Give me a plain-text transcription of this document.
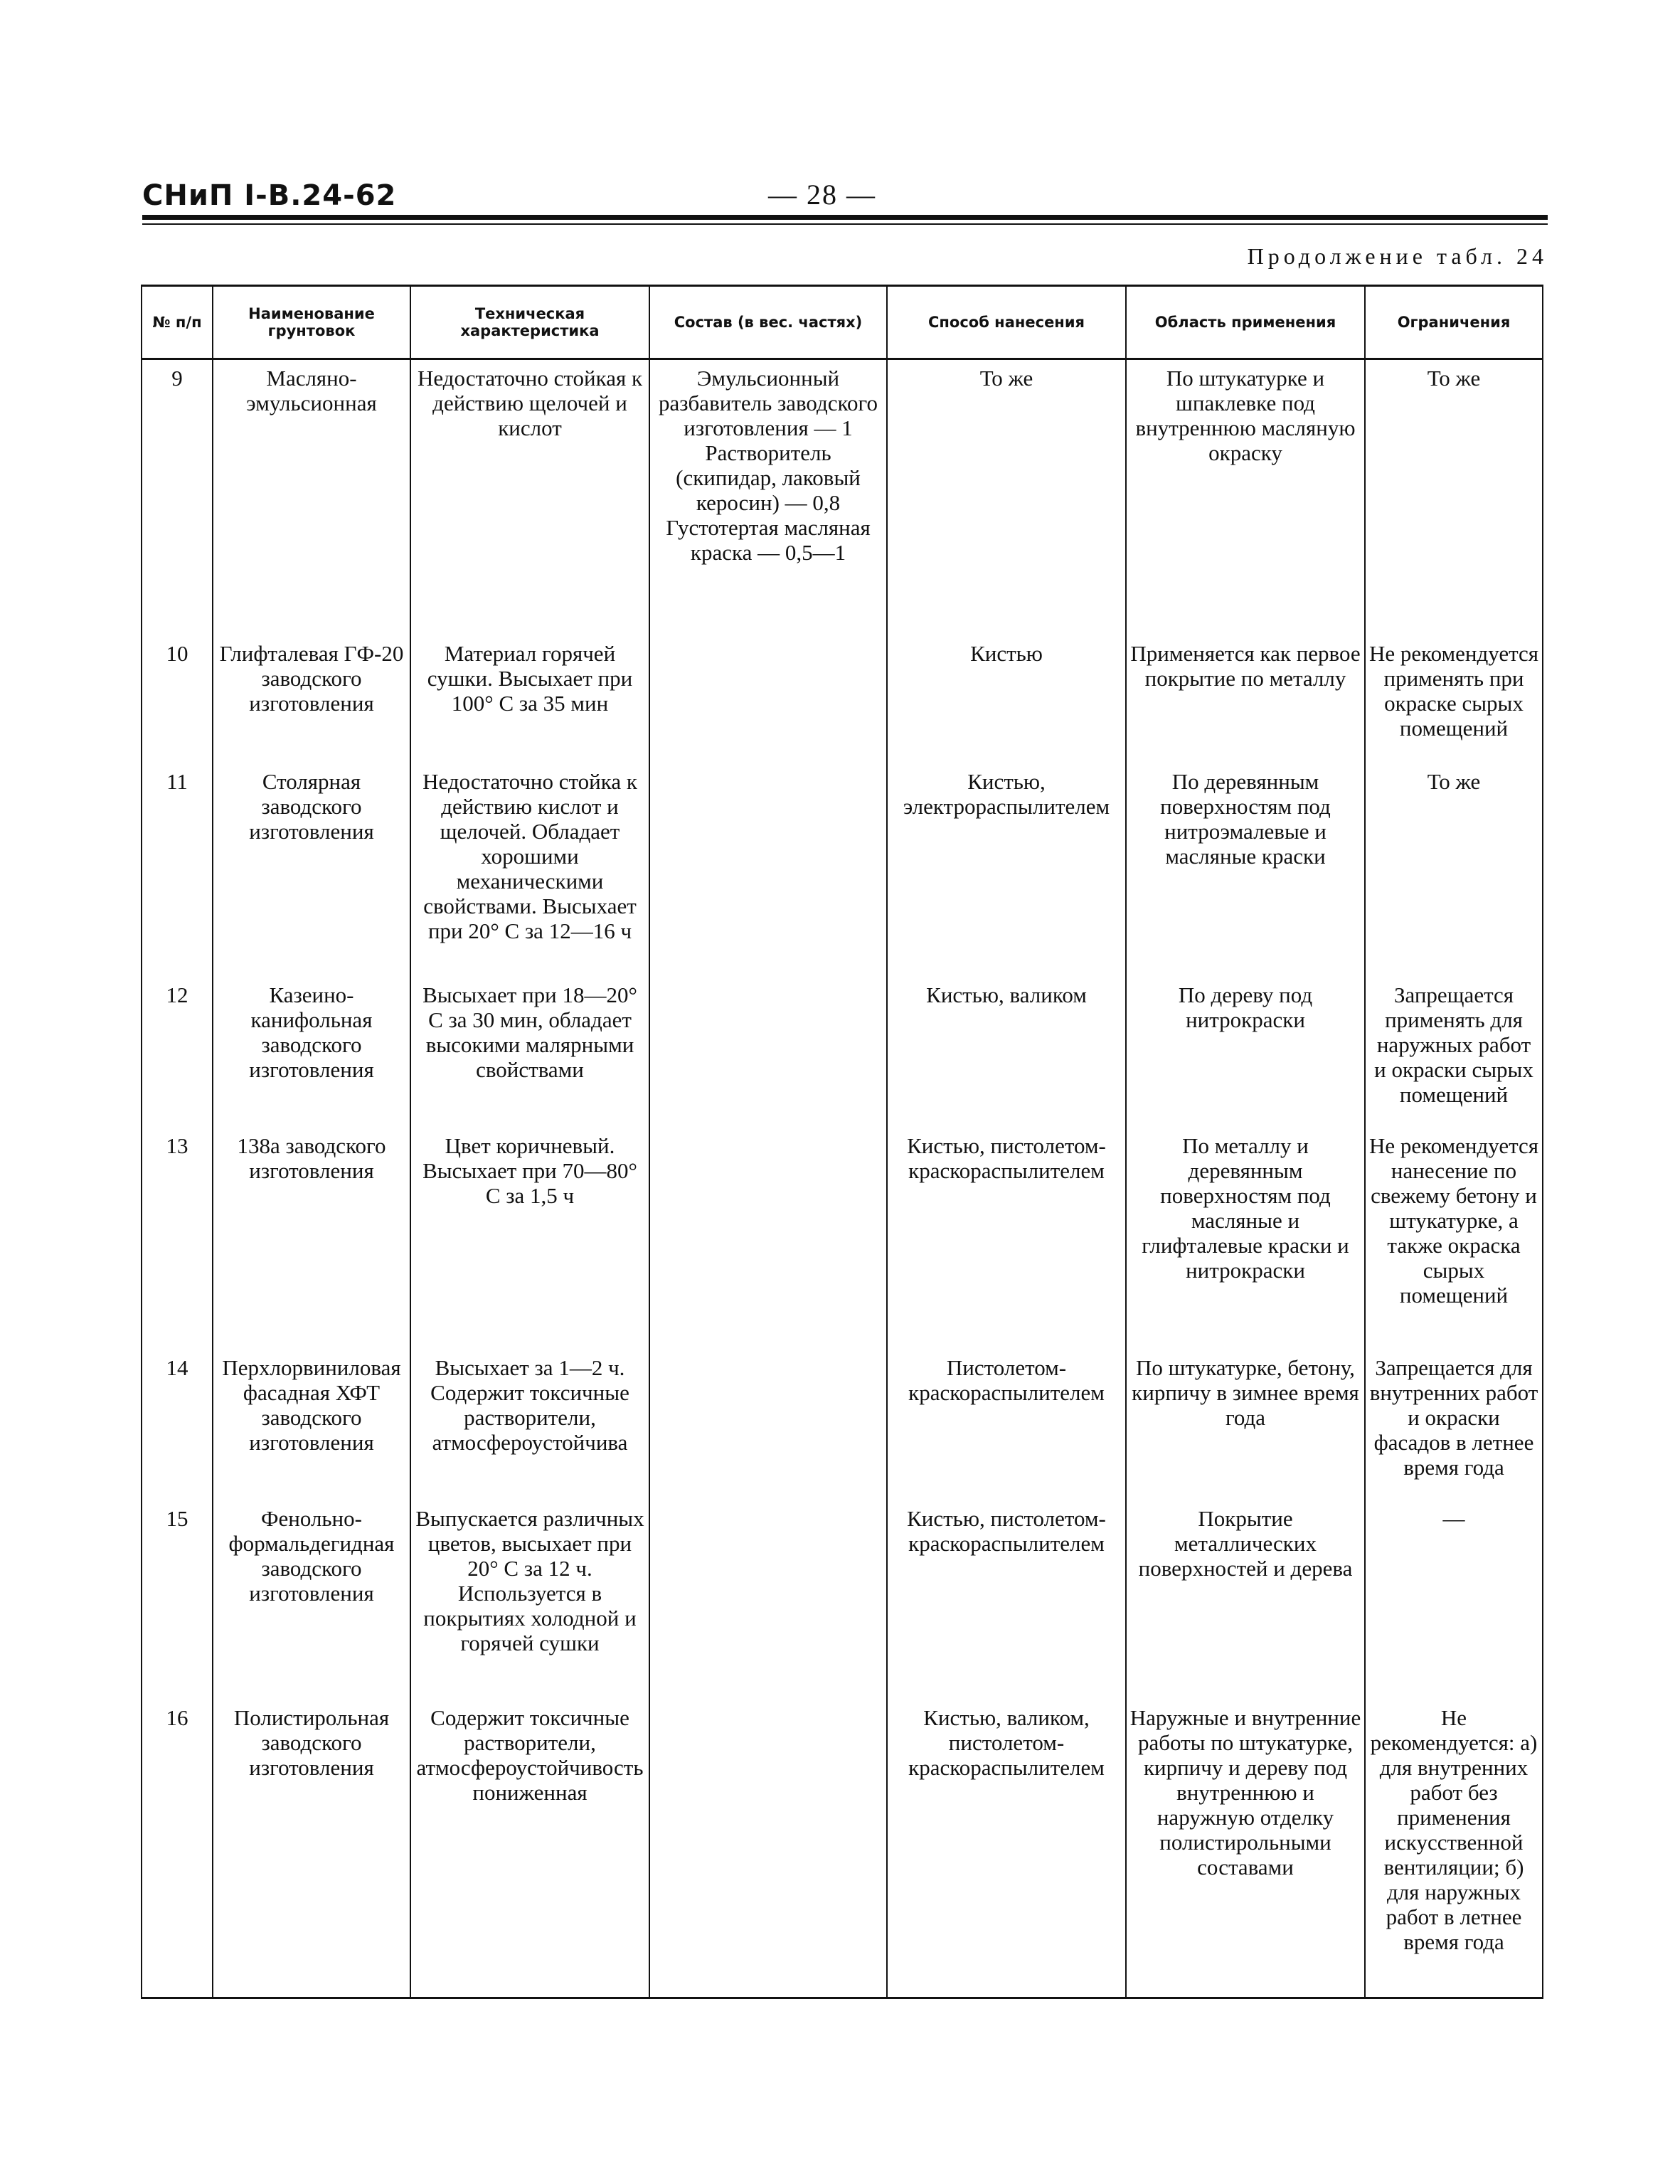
СНиП I-B.24-62	— 28 —
Продолжение табл. 24
№ п/п	Наименование грунтовок	Техническая характеристика	Состав (в вес. частях)	Способ нанесения	Область применения	Ограничения
9	Масляно- эмульсионная	Недостаточно стойкая к действию щелочей и кислот	Эмульсионный разбавитель заводского изготовления — 1 Растворитель (скипидар, лаковый керосин) — 0,8 Густотертая масляная краска — 0,5—1	То же	По штукатурке и шпаклевке под внутреннюю масляную окраску	То же
10	Глифталевая ГФ-20 заводского изготовления	Материал горячей сушки. Высыхает при 100° С за 35 мин		Кистью	Применяется как первое покрытие по металлу	Не рекомендуется применять при окраске сырых помещений
11	Столярная заводского изготовления	Недостаточно стойка к действию кислот и щелочей. Обладает хорошими механическими свойствами. Высыхает при 20° С за 12—16 ч		Кистью, электрораспылителем	По деревянным поверхностям под нитроэмалевые и масляные краски	То же
12	Казеино-канифольная заводского изготовления	Высыхает при 18—20° С за 30 мин, обладает высокими малярными свойствами		Кистью, валиком	По дереву под нитрокраски	Запрещается применять для наружных работ и окраски сырых помещений
13	138а заводского изготовления	Цвет коричневый. Высыхает при 70—80° С за 1,5 ч		Кистью, пистолетом-краскораспылителем	По металлу и деревянным поверхностям под масляные и глифталевые краски и нитрокраски	Не рекомендуется нанесение по свежему бетону и штукатурке, а также окраска сырых помещений
14	Перхлорвиниловая фасадная ХФТ заводского изготовления	Высыхает за 1—2 ч. Содержит токсичные растворители, атмосфероустойчива		Пистолетом-краскораспылителем	По штукатурке, бетону, кирпичу в зимнее время года	Запрещается для внутренних работ и окраски фасадов в летнее время года
15	Фенольно-формальдегидная заводского изготовления	Выпускается различных цветов, высыхает при 20° С за 12 ч. Используется в покрытиях холодной и горячей сушки		Кистью, пистолетом-краскораспылителем	Покрытие металлических поверхностей и дерева	—
16	Полистирольная заводского изготовления	Содержит токсичные растворители, атмосфероустойчивость пониженная		Кистью, валиком, пистолетом-краскораспылителем	Наружные и внутренние работы по штукатурке, кирпичу и дереву под внутреннюю и наружную отделку полистирольными составами	Не рекомендуется: а) для внутренних работ без применения искусственной вентиляции; б) для наружных работ в летнее время года
